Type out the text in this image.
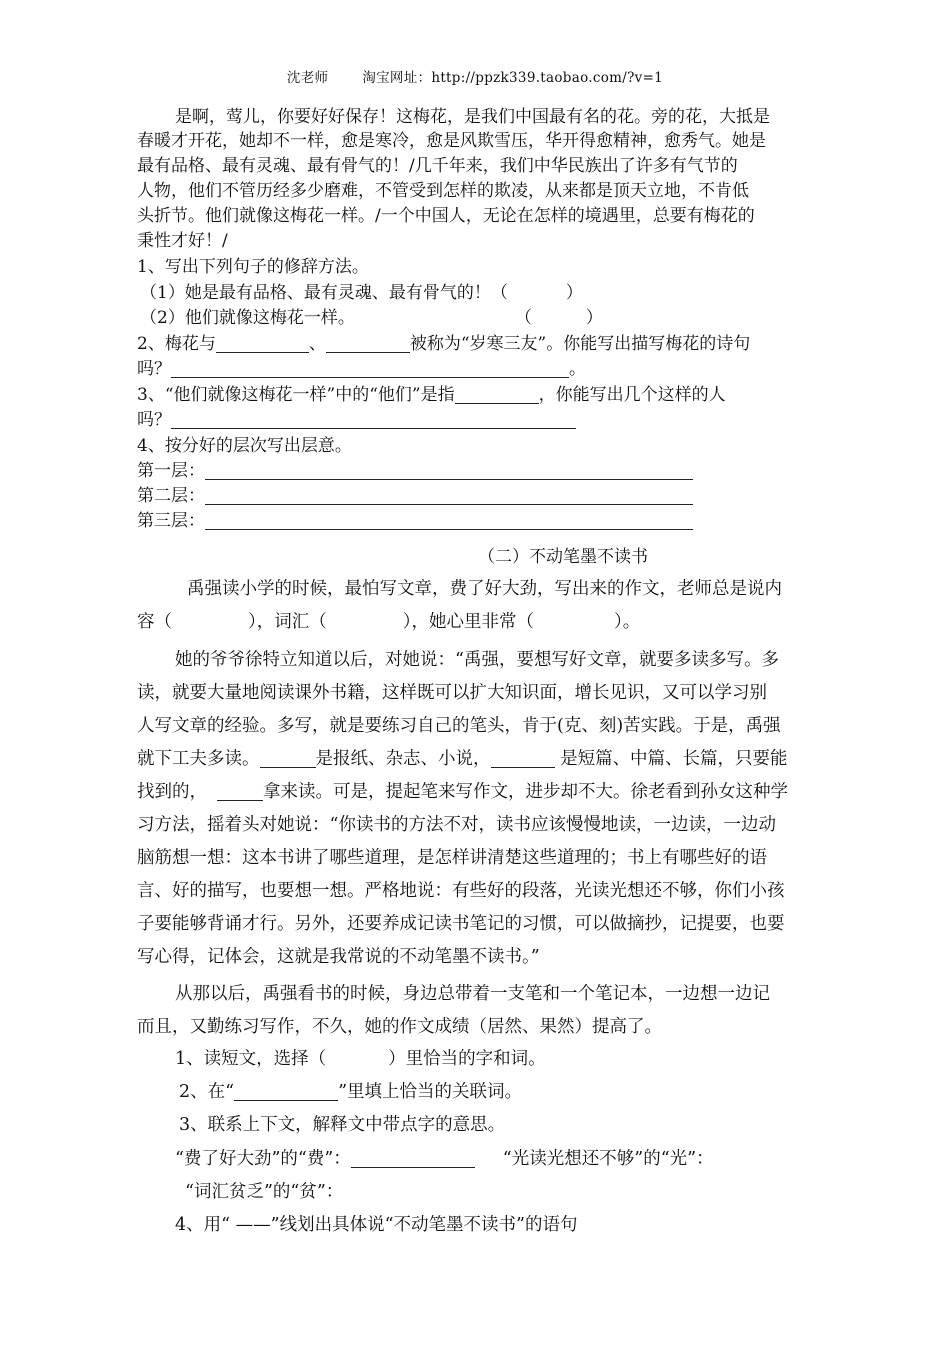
沈老师	淘宝网址：http://ppzk339.taobao.com/?v=1
是啊，莺儿，你要好好保存！这梅花，是我们中国最有名的花。旁的花，大抵是
春暖才开花，她却不一样，愈是寒冷，愈是风欺雪压，华开得愈精神，愈秀气。她是
最有品格、最有灵魂、最有骨气的！/几千年来，我们中华民族出了许多有气节的
人物，他们不管历经多少磨难，不管受到怎样的欺凌，从来都是顶天立地，不肯低
头折节。他们就像这梅花一样。/一个中国人，无论在怎样的境遇里，总要有梅花的
秉性才好！/
1、写出下列句子的修辞方法。
（1）她是最有品格、最有灵魂、最有骨气的！（	）
（2）他们就像这梅花一样。	（	）
2、梅花与	、	被称为“岁寒三友”。你能写出描写梅花的诗句
吗？	。
3、“他们就像这梅花一样”中的“他们”是指	，你能写出几个这样的人
吗？
4、按分好的层次写出层意。
第一层：
第二层：
第三层：
（二）不动笔墨不读书
禹强读小学的时候，最怕写文章，费了好大劲，写出来的作文，老师总是说内
容（	），词汇（	），她心里非常（	）。
她的爷爷徐特立知道以后，对她说：“禹强，要想写好文章，就要多读多写。多
读，就要大量地阅读课外书籍，这样既可以扩大知识面，增长见识，又可以学习别
人写文章的经验。多写，就是要练习自己的笔头，肯于(克、刻)苦实践。于是，禹强
就下工夫多读。	是报纸、杂志、小说，	是短篇、中篇、长篇，只要能
找到的，	拿来读。可是，提起笔来写作文，进步却不大。徐老看到孙女这种学
习方法，摇着头对她说：“你读书的方法不对，读书应该慢慢地读，一边读，一边动
脑筋想一想：这本书讲了哪些道理，是怎样讲清楚这些道理的；书上有哪些好的语
言、好的描写，也要想一想。严格地说：有些好的段落，光读光想还不够，你们小孩
子要能够背诵才行。另外，还要养成记读书笔记的习惯，可以做摘抄，记提要，也要
写心得，记体会，这就是我常说的不动笔墨不读书。”
从那以后，禹强看书的时候，身边总带着一支笔和一个笔记本，一边想一边记
而且，又勤练习写作，不久，她的作文成绩（居然、果然）提高了。
1、读短文，选择（	）里恰当的字和词。
2、在“	”里填上恰当的关联词。
3、联系上下文，解释文中带点字的意思。
“费了好大劲”的“费”：	“光读光想还不够”的“光”：
“词汇贫乏”的“贫”：
4、用“ ——”线划出具体说“不动笔墨不读书”的语句
